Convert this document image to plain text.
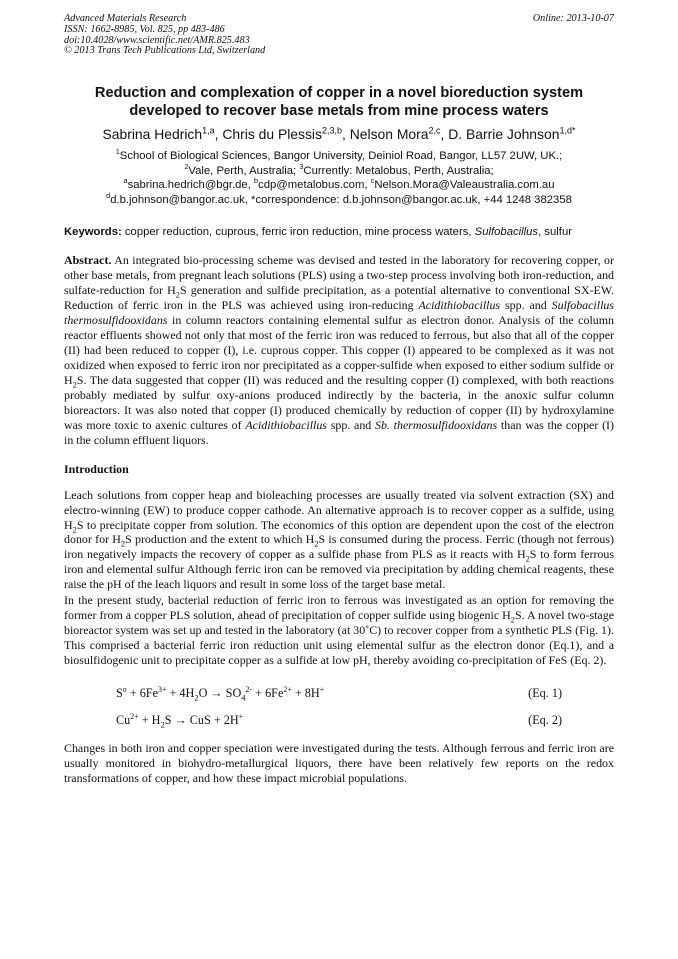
Advanced Materials Research
ISSN: 1662-8985, Vol. 825, pp 483-486
doi:10.4028/www.scientific.net/AMR.825.483
© 2013 Trans Tech Publications Ltd, Switzerland
Online: 2013-10-07
Reduction and complexation of copper in a novel bioreduction system
developed to recover base metals from mine process waters
Sabrina Hedrich$^{1,a}$, Chris du Plessis$^{2,3,b}$, Nelson Mora$^{2,c}$, D. Barrie Johnson$^{1,d*}$
$^1$School of Biological Sciences, Bangor University, Deiniol Road, Bangor, LL57 2UW, UK.;
$^2$Vale, Perth, Australia; $^3$Currently: Metalobus, Perth, Australia;
$^a$sabrina.hedrich@bgr.de, $^b$cdp@metalobus.com, $^c$Nelson.Mora@Valeaustralia.com.au
$^d$d.b.johnson@bangor.ac.uk, *correspondence: d.b.johnson@bangor.ac.uk, +44 1248 382358
Keywords: copper reduction, cuprous, ferric iron reduction, mine process waters, Sulfobacillus, sulfur

Abstract. An integrated bio-processing scheme was devised and tested in the laboratory for recovering copper, or other base metals, from pregnant leach solutions (PLS) using a two-step process involving both iron-reduction, and sulfate-reduction for $H_2S$ generation and sulfide precipitation, as a potential alternative to conventional SX-EW. Reduction of ferric iron in the PLS was achieved using iron-reducing Acidithiobacillus spp. and Sulfobacillus thermosulfidooxidans in column reactors containing elemental sulfur as electron donor. Analysis of the column reactor effluents showed not only that most of the ferric iron was reduced to ferrous, but also that all of the copper (II) had been reduced to copper (I), i.e. cuprous copper. This copper (I) appeared to be complexed as it was not oxidized when exposed to ferric iron nor precipitated as a copper-sulfide when exposed to either sodium sulfide or $H_2S$. The data suggested that copper (II) was reduced and the resulting copper (I) complexed, with both reactions probably mediated by sulfur oxy-anions produced indirectly by the bacteria, in the anoxic sulfur column bioreactors. It was also noted that copper (I) produced chemically by reduction of copper (II) by hydroxylamine was more toxic to axenic cultures of Acidithiobacillus spp. and Sb. thermosulfidooxidans than was the copper (I) in the column effluent liquors.

Introduction

Leach solutions from copper heap and bioleaching processes are usually treated via solvent extraction (SX) and electro-winning (EW) to produce copper cathode. An alternative approach is to recover copper as a sulfide, using $H_2S$ to precipitate copper from solution. The economics of this option are dependent upon the cost of the electron donor for $H_2S$ production and the extent to which $H_2S$ is consumed during the process. Ferric (though not ferrous) iron negatively impacts the recovery of copper as a sulfide phase from PLS as it reacts with $H_2S$ to form ferrous iron and elemental sulfur Although ferric iron can be removed via precipitation by adding chemical reagents, these raise the pH of the leach liquors and result in some loss of the target base metal.

In the present study, bacterial reduction of ferric iron to ferrous was investigated as an option for removing the former from a copper PLS solution, ahead of precipitation of copper sulfide using biogenic $H_2S$. A novel two-stage bioreactor system was set up and tested in the laboratory (at 30˚C) to recover copper from a synthetic PLS (Fig. 1). This comprised a bacterial ferric iron reduction unit using elemental sulfur as the electron donor (Eq.1), and a biosulfidogenic unit to precipitate copper as a sulfide at low pH, thereby avoiding co-precipitation of FeS (Eq. 2).

$S^o + 6Fe^{3+} + 4H_2O \to SO_4^{2-} + 6Fe^{2+} + 8H^+$	(Eq. 1)
$Cu^{2+} + H_2S$ → CuS + 2H+	(Eq. 2)

Changes in both iron and copper speciation were investigated during the tests. Although ferrous and ferric iron are usually monitored in biohydro-metallurgical liquors, there have been relatively few reports on the redox transformations of copper, and how these impact microbial populations.
